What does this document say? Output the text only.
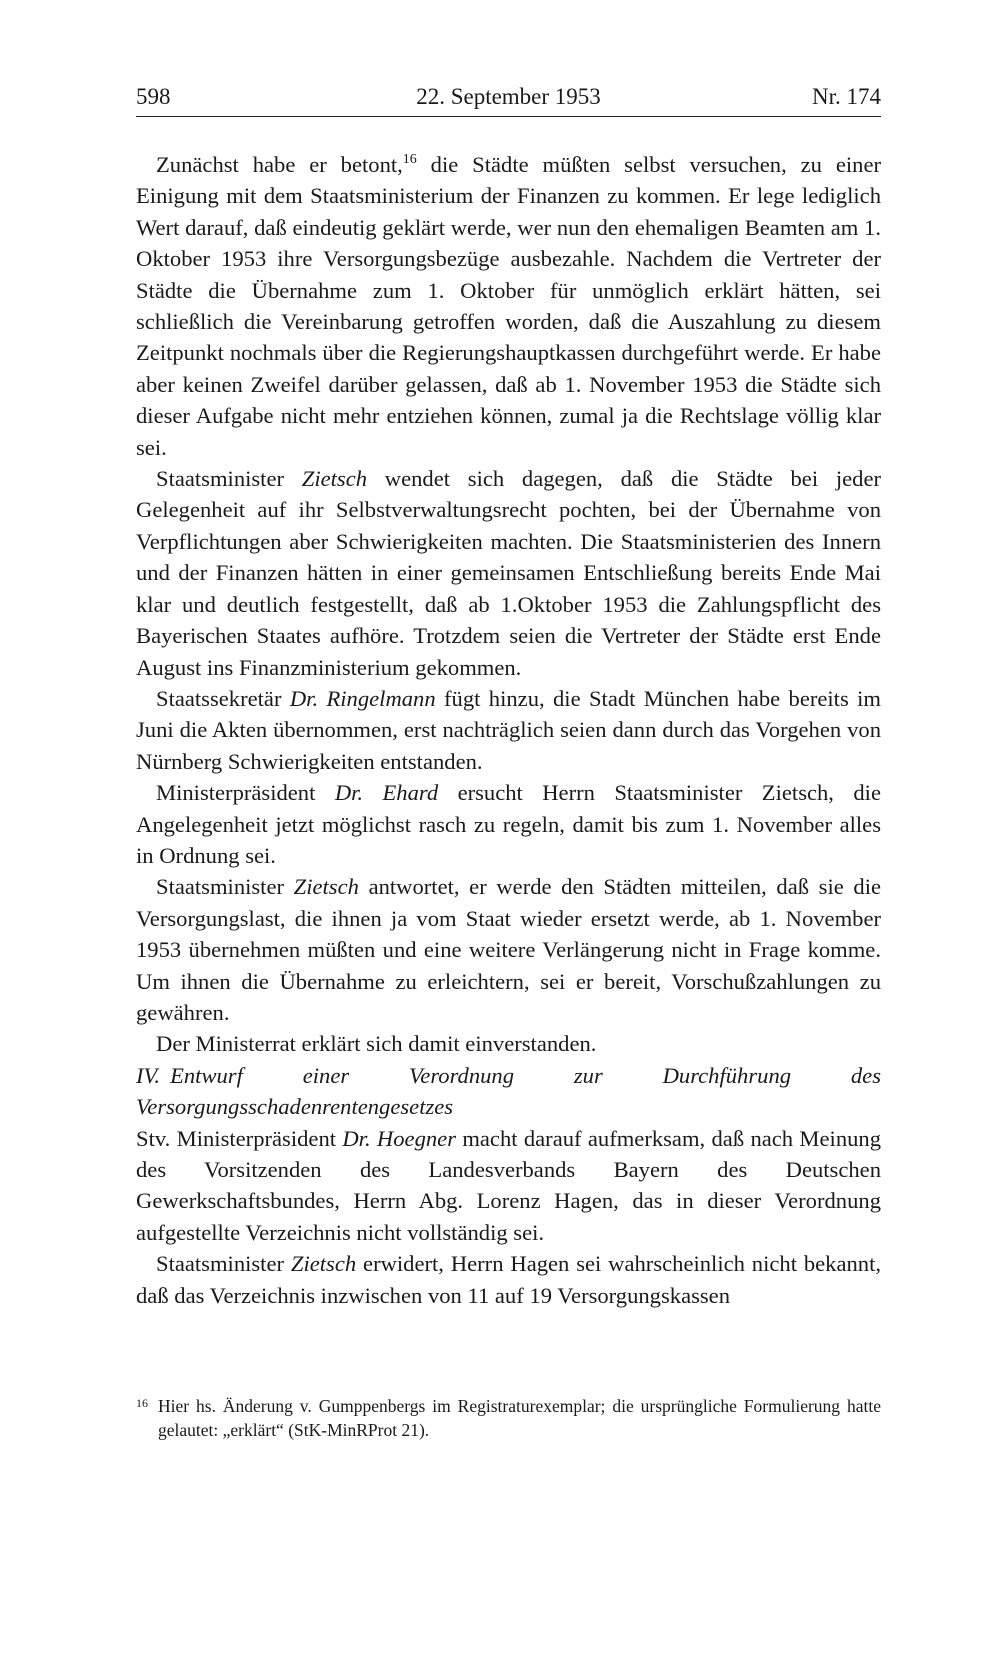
598	22. September 1953	Nr. 174

Zunächst habe er betont,$^{16}$ die Städte müßten selbst versuchen, zu einer Einigung mit dem Staatsministerium der Finanzen zu kommen. Er lege lediglich Wert darauf, daß eindeutig geklärt werde, wer nun den ehemaligen Beamten am 1. Oktober 1953 ihre Versorgungsbezüge ausbezahle. Nachdem die Vertreter der Städte die Übernahme zum 1. Oktober für unmöglich erklärt hätten, sei schließlich die Vereinbarung getroffen worden, daß die Auszahlung zu diesem Zeitpunkt nochmals über die Regierungshauptkassen durchgeführt werde. Er habe aber keinen Zweifel darüber gelassen, daß ab 1. November 1953 die Städte sich dieser Aufgabe nicht mehr entziehen können, zumal ja die Rechtslage völlig klar sei.

Staatsminister Zietsch wendet sich dagegen, daß die Städte bei jeder Gelegenheit auf ihr Selbstverwaltungsrecht pochten, bei der Übernahme von Verpflichtungen aber Schwierigkeiten machten. Die Staatsministerien des Innern und der Finanzen hätten in einer gemeinsamen Entschließung bereits Ende Mai klar und deutlich festgestellt, daß ab 1.Oktober 1953 die Zahlungspflicht des Bayerischen Staates aufhöre. Trotzdem seien die Vertreter der Städte erst Ende August ins Finanzministerium gekommen.

Staatssekretär Dr. Ringelmann fügt hinzu, die Stadt München habe bereits im Juni die Akten übernommen, erst nachträglich seien dann durch das Vorgehen von Nürnberg Schwierigkeiten entstanden.

Ministerpräsident Dr. Ehard ersucht Herrn Staatsminister Zietsch, die Angelegenheit jetzt möglichst rasch zu regeln, damit bis zum 1. November alles in Ordnung sei.

Staatsminister Zietsch antwortet, er werde den Städten mitteilen, daß sie die Versorgungslast, die ihnen ja vom Staat wieder ersetzt werde, ab 1. November 1953 übernehmen müßten und eine weitere Verlängerung nicht in Frage komme. Um ihnen die Übernahme zu erleichtern, sei er bereit, Vorschußzahlungen zu gewähren.

Der Ministerrat erklärt sich damit einverstanden.

IV. Entwurf einer Verordnung zur Durchführung des Versorgungsschadenrentengesetzes

Stv. Ministerpräsident Dr. Hoegner macht darauf aufmerksam, daß nach Meinung des Vorsitzenden des Landesverbands Bayern des Deutschen Gewerkschaftsbundes, Herrn Abg. Lorenz Hagen, das in dieser Verordnung aufgestellte Verzeichnis nicht vollständig sei.

Staatsminister Zietsch erwidert, Herrn Hagen sei wahrscheinlich nicht bekannt, daß das Verzeichnis inzwischen von 11 auf 19 Versorgungskassen

16 Hier hs. Änderung v. Gumppenbergs im Registraturexemplar; die ursprüngliche Formulierung hatte gelautet: „erklärt“ (StK-MinRProt 21).
